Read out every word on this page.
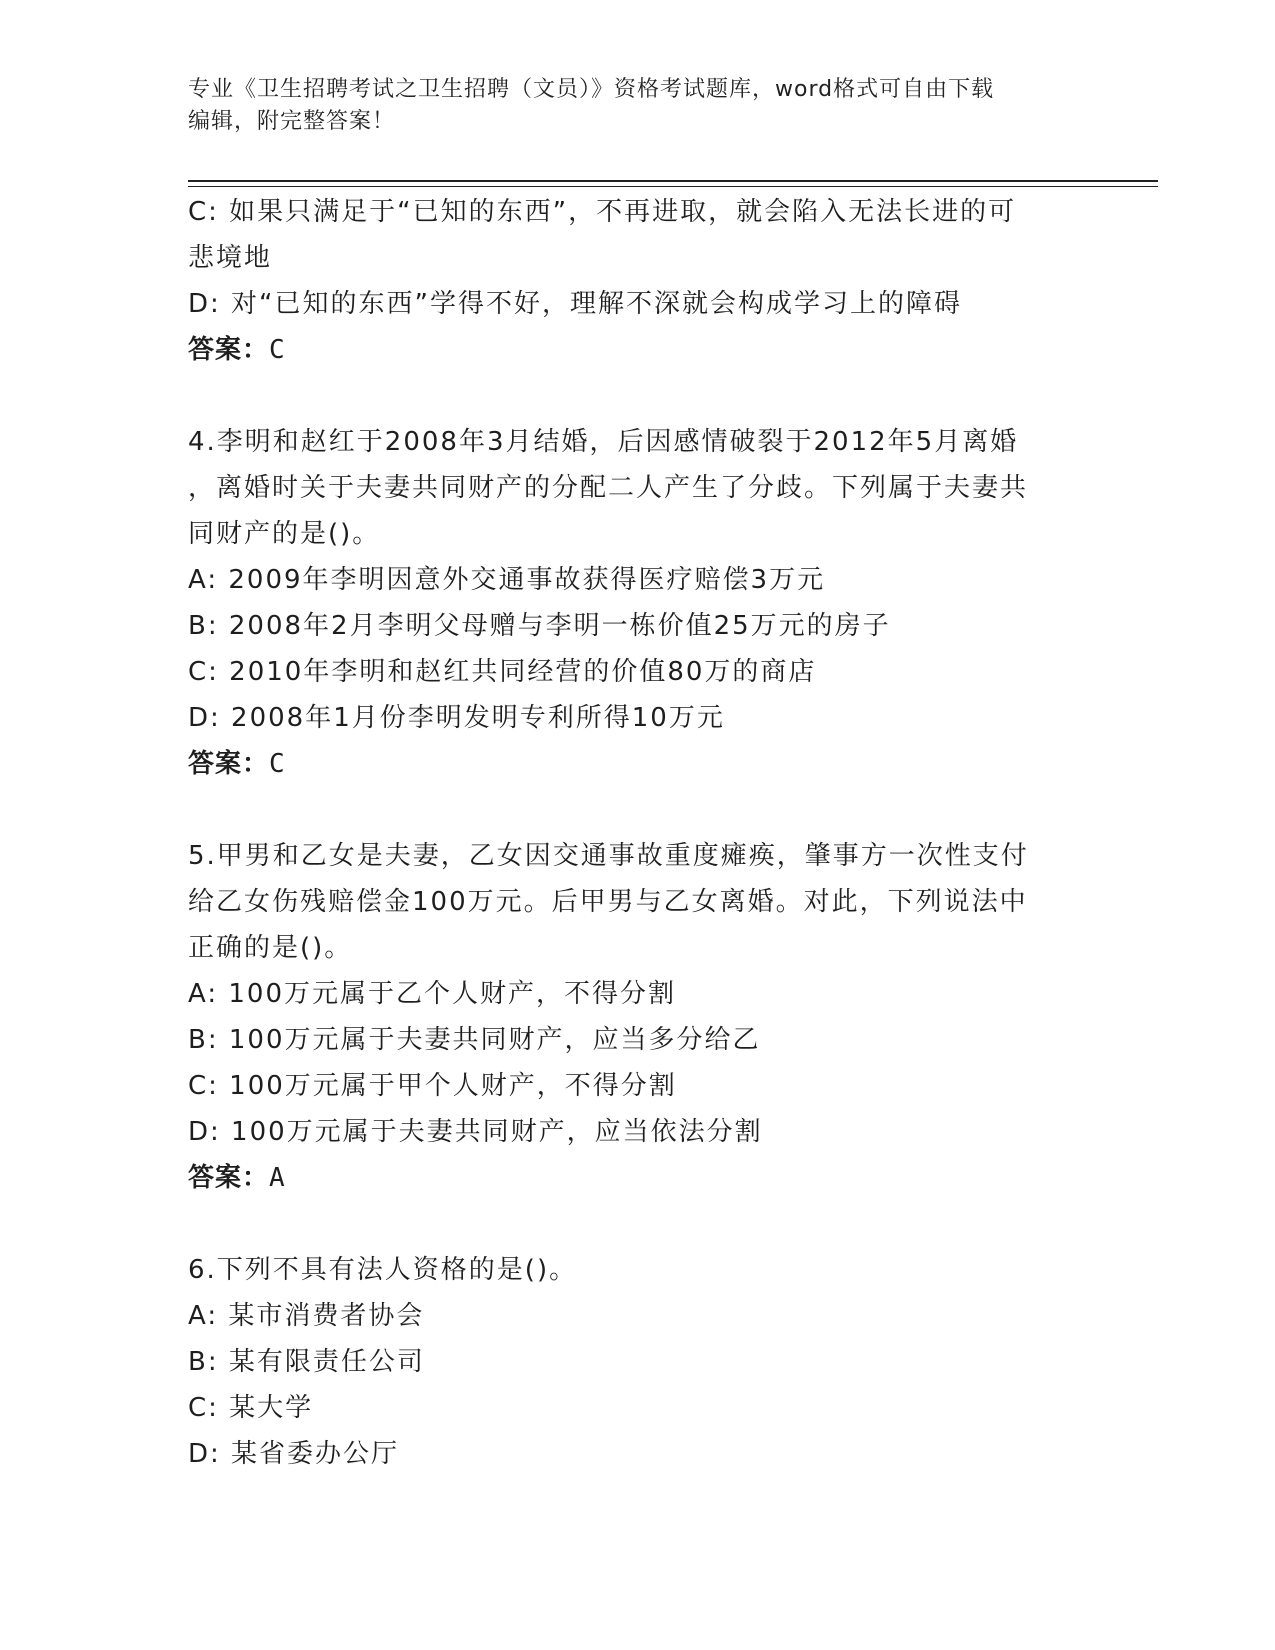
专业《卫生招聘考试之卫生招聘（文员）》资格考试题库，word格式可自由下载
编辑，附完整答案！

C: 如果只满足于“已知的东西”，不再进取，就会陷入无法长进的可

悲境地

D: 对“已知的东西”学得不好，理解不深就会构成学习上的障碍

答案：C

4.李明和赵红于2008年3月结婚，后因感情破裂于2012年5月离婚

，离婚时关于夫妻共同财产的分配二人产生了分歧。下列属于夫妻共

同财产的是()。

A: 2009年李明因意外交通事故获得医疗赔偿3万元

B: 2008年2月李明父母赠与李明一栋价值25万元的房子

C: 2010年李明和赵红共同经营的价值80万的商店

D: 2008年1月份李明发明专利所得10万元

答案：C

5.甲男和乙女是夫妻，乙女因交通事故重度瘫痪，肇事方一次性支付

给乙女伤残赔偿金100万元。后甲男与乙女离婚。对此，下列说法中

正确的是()。

A: 100万元属于乙个人财产，不得分割

B: 100万元属于夫妻共同财产，应当多分给乙

C: 100万元属于甲个人财产，不得分割

D: 100万元属于夫妻共同财产，应当依法分割

答案：A

6.下列不具有法人资格的是()。

A: 某市消费者协会

B: 某有限责任公司

C: 某大学

D: 某省委办公厅
